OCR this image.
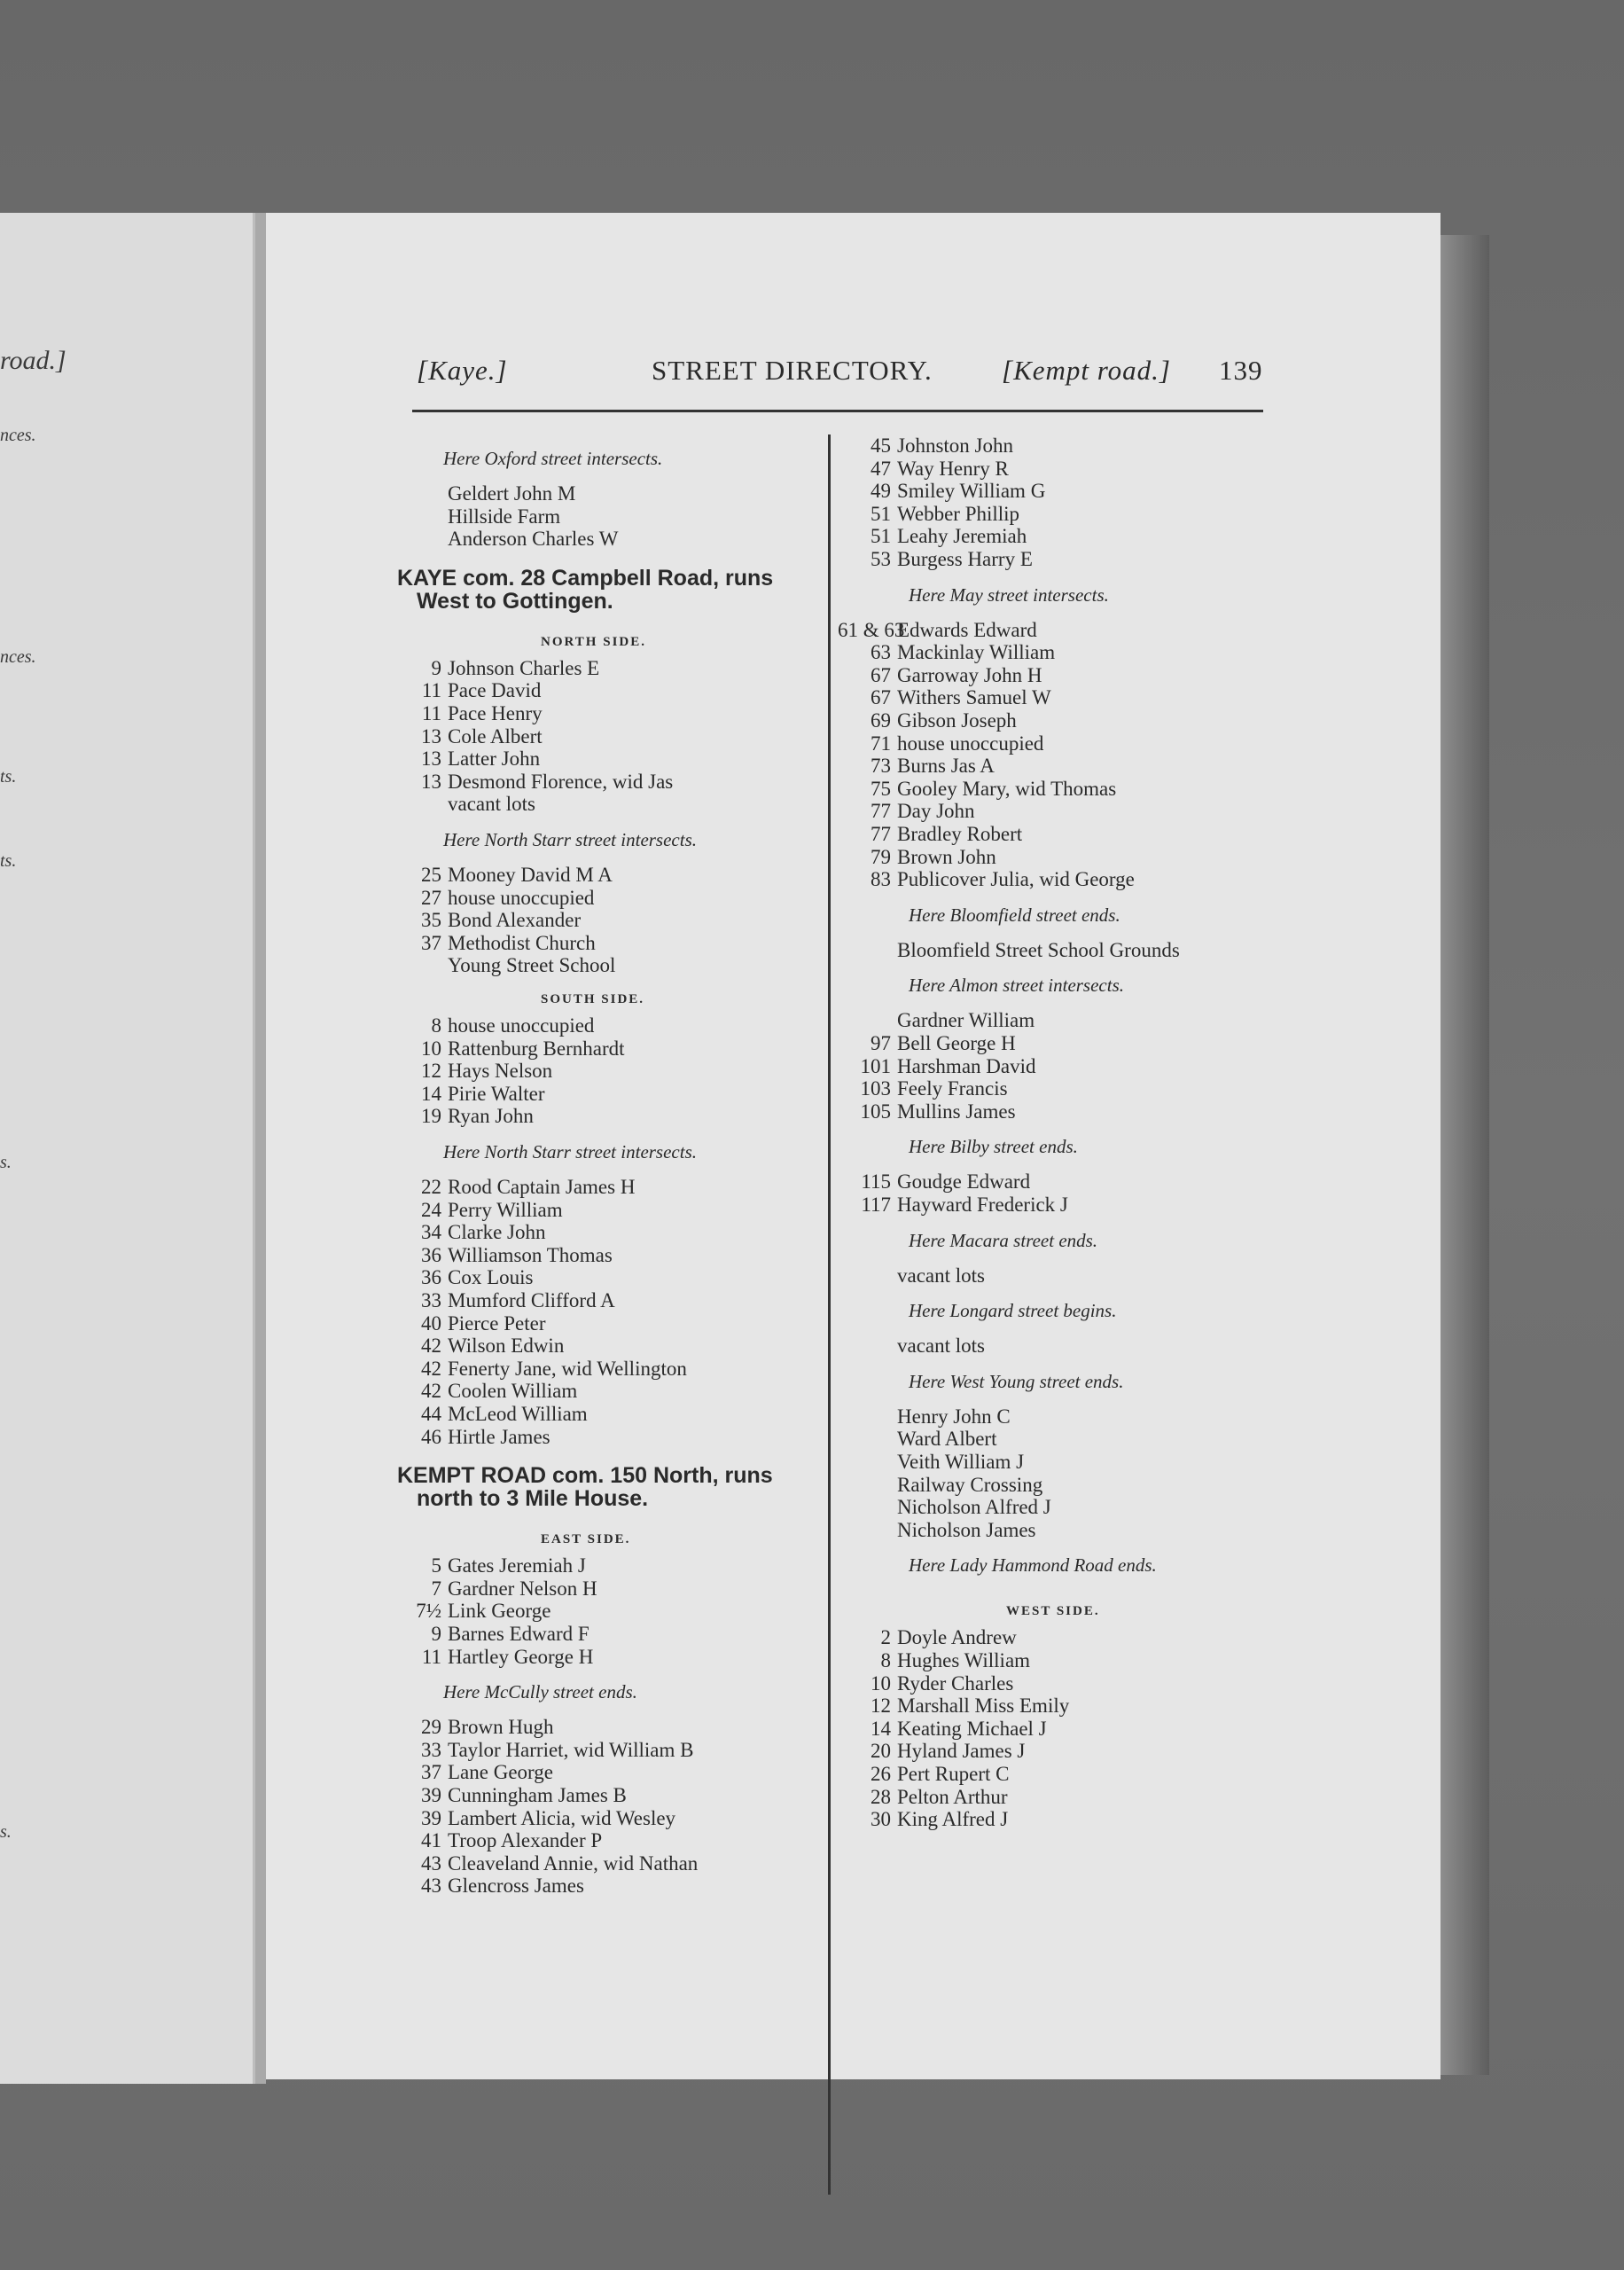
road.]
nces.
nces.
ts.
ts.
s.
s.
[Kaye.]	STREET DIRECTORY.	[Kempt road.] 139
Here Oxford street intersects.
Geldert John M
Hillside Farm
Anderson Charles W
KAYE com. 28 Campbell Road, runs
West to Gottingen.
NORTH SIDE.
9 Johnson Charles E
11 Pace David
11 Pace Henry
13 Cole Albert
13 Latter John
13 Desmond Florence, wid Jas
vacant lots
Here North Starr street intersects.
25 Mooney David M A
27 house unoccupied
35 Bond Alexander
37 Methodist Church
Young Street School
SOUTH SIDE.
8 house unoccupied
10 Rattenburg Bernhardt
12 Hays Nelson
14 Pirie Walter
19 Ryan John
Here North Starr street intersects.
22 Rood Captain James H
24 Perry William
34 Clarke John
36 Williamson Thomas
36 Cox Louis
33 Mumford Clifford A
40 Pierce Peter
42 Wilson Edwin
42 Fenerty Jane, wid Wellington
42 Coolen William
44 McLeod William
46 Hirtle James
KEMPT ROAD com. 150 North, runs
north to 3 Mile House.
EAST SIDE.
5 Gates Jeremiah J
7 Gardner Nelson H
7½ Link George
9 Barnes Edward F
11 Hartley George H
Here McCully street ends.
29 Brown Hugh
33 Taylor Harriet, wid William B
37 Lane George
39 Cunningham James B
39 Lambert Alicia, wid Wesley
41 Troop Alexander P
43 Cleaveland Annie, wid Nathan
43 Glencross James
45 Johnston John
47 Way Henry R
49 Smiley William G
51 Webber Phillip
51 Leahy Jeremiah
53 Burgess Harry E
Here May street intersects.
61 & 63Edwards Edward
63 Mackinlay William
67 Garroway John H
67 Withers Samuel W
69 Gibson Joseph
71 house unoccupied
73 Burns Jas A
75 Gooley Mary, wid Thomas
77 Day John
77 Bradley Robert
79 Brown John
83 Publicover Julia, wid George
Here Bloomfield street ends.
Bloomfield Street School Grounds
Here Almon street intersects.
Gardner William
97 Bell George H
101 Harshman David
103 Feely Francis
105 Mullins James
Here Bilby street ends.
115 Goudge Edward
117 Hayward Frederick J
Here Macara street ends.
vacant lots
Here Longard street begins.
vacant lots
Here West Young street ends.
Henry John C
Ward Albert
Veith William J
Railway Crossing
Nicholson Alfred J
Nicholson James
Here Lady Hammond Road ends.
WEST SIDE.
2 Doyle Andrew
8 Hughes William
10 Ryder Charles
12 Marshall Miss Emily
14 Keating Michael J
20 Hyland James J
26 Pert Rupert C
28 Pelton Arthur
30 King Alfred J
